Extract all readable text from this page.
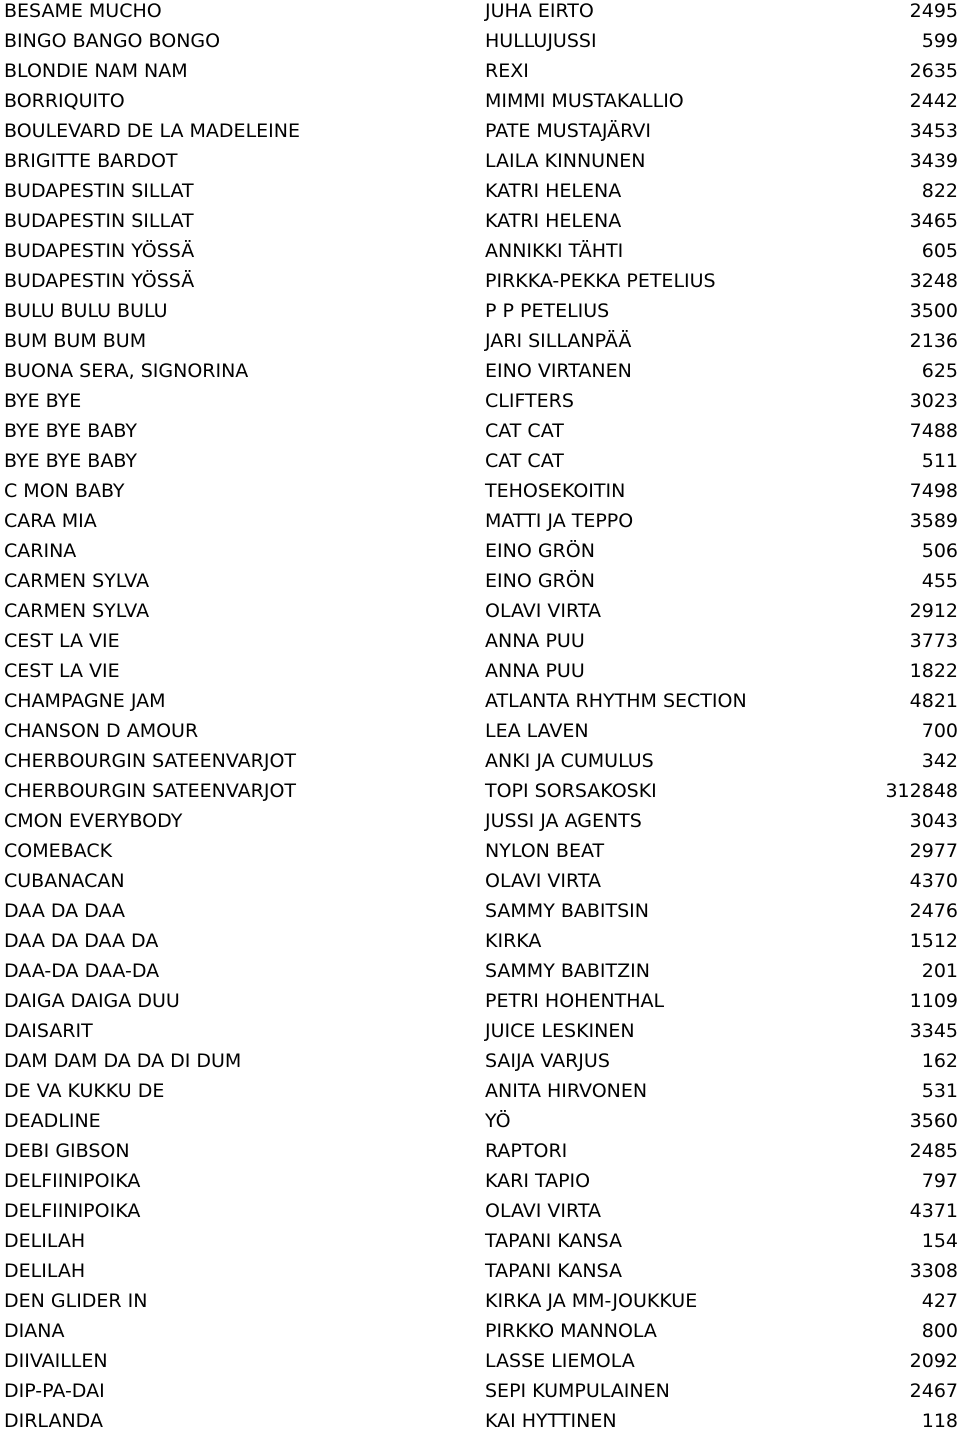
BESAME MUCHO	JUHA EIRTO	2495
BINGO BANGO BONGO	HULLUJUSSI	599
BLONDIE NAM NAM	REXI	2635
BORRIQUITO	MIMMI MUSTAKALLIO	2442
BOULEVARD DE LA MADELEINE	PATE MUSTAJÄRVI	3453
BRIGITTE BARDOT	LAILA KINNUNEN	3439
BUDAPESTIN SILLAT	KATRI HELENA	822
BUDAPESTIN SILLAT	KATRI HELENA	3465
BUDAPESTIN YÖSSÄ	ANNIKKI TÄHTI	605
BUDAPESTIN YÖSSÄ	PIRKKA-PEKKA PETELIUS	3248
BULU BULU BULU	P P PETELIUS	3500
BUM BUM BUM	JARI SILLANPÄÄ	2136
BUONA SERA, SIGNORINA	EINO VIRTANEN	625
BYE BYE	CLIFTERS	3023
BYE BYE BABY	CAT CAT	7488
BYE BYE BABY	CAT CAT	511
C MON BABY	TEHOSEKOITIN	7498
CARA MIA	MATTI JA TEPPO	3589
CARINA	EINO GRÖN	506
CARMEN SYLVA	EINO GRÖN	455
CARMEN SYLVA	OLAVI VIRTA	2912
CEST LA VIE	ANNA PUU	3773
CEST LA VIE	ANNA PUU	1822
CHAMPAGNE JAM	ATLANTA RHYTHM SECTION	4821
CHANSON D AMOUR	LEA LAVEN	700
CHERBOURGIN SATEENVARJOT	ANKI JA CUMULUS	342
CHERBOURGIN SATEENVARJOT	TOPI SORSAKOSKI	312848
CMON EVERYBODY	JUSSI JA AGENTS	3043
COMEBACK	NYLON BEAT	2977
CUBANACAN	OLAVI VIRTA	4370
DAA DA DAA	SAMMY BABITSIN	2476
DAA DA DAA DA	KIRKA	1512
DAA-DA DAA-DA	SAMMY BABITZIN	201
DAIGA DAIGA DUU	PETRI HOHENTHAL	1109
DAISARIT	JUICE LESKINEN	3345
DAM DAM DA DA DI DUM	SAIJA VARJUS	162
DE VA KUKKU DE	ANITA HIRVONEN	531
DEADLINE	YÖ	3560
DEBI GIBSON	RAPTORI	2485
DELFIINIPOIKA	KARI TAPIO	797
DELFIINIPOIKA	OLAVI VIRTA	4371
DELILAH	TAPANI KANSA	154
DELILAH	TAPANI KANSA	3308
DEN GLIDER IN	KIRKA JA MM-JOUKKUE	427
DIANA	PIRKKO MANNOLA	800
DIIVAILLEN	LASSE LIEMOLA	2092
DIP-PA-DAI	SEPI KUMPULAINEN	2467
DIRLANDA	KAI HYTTINEN	118
